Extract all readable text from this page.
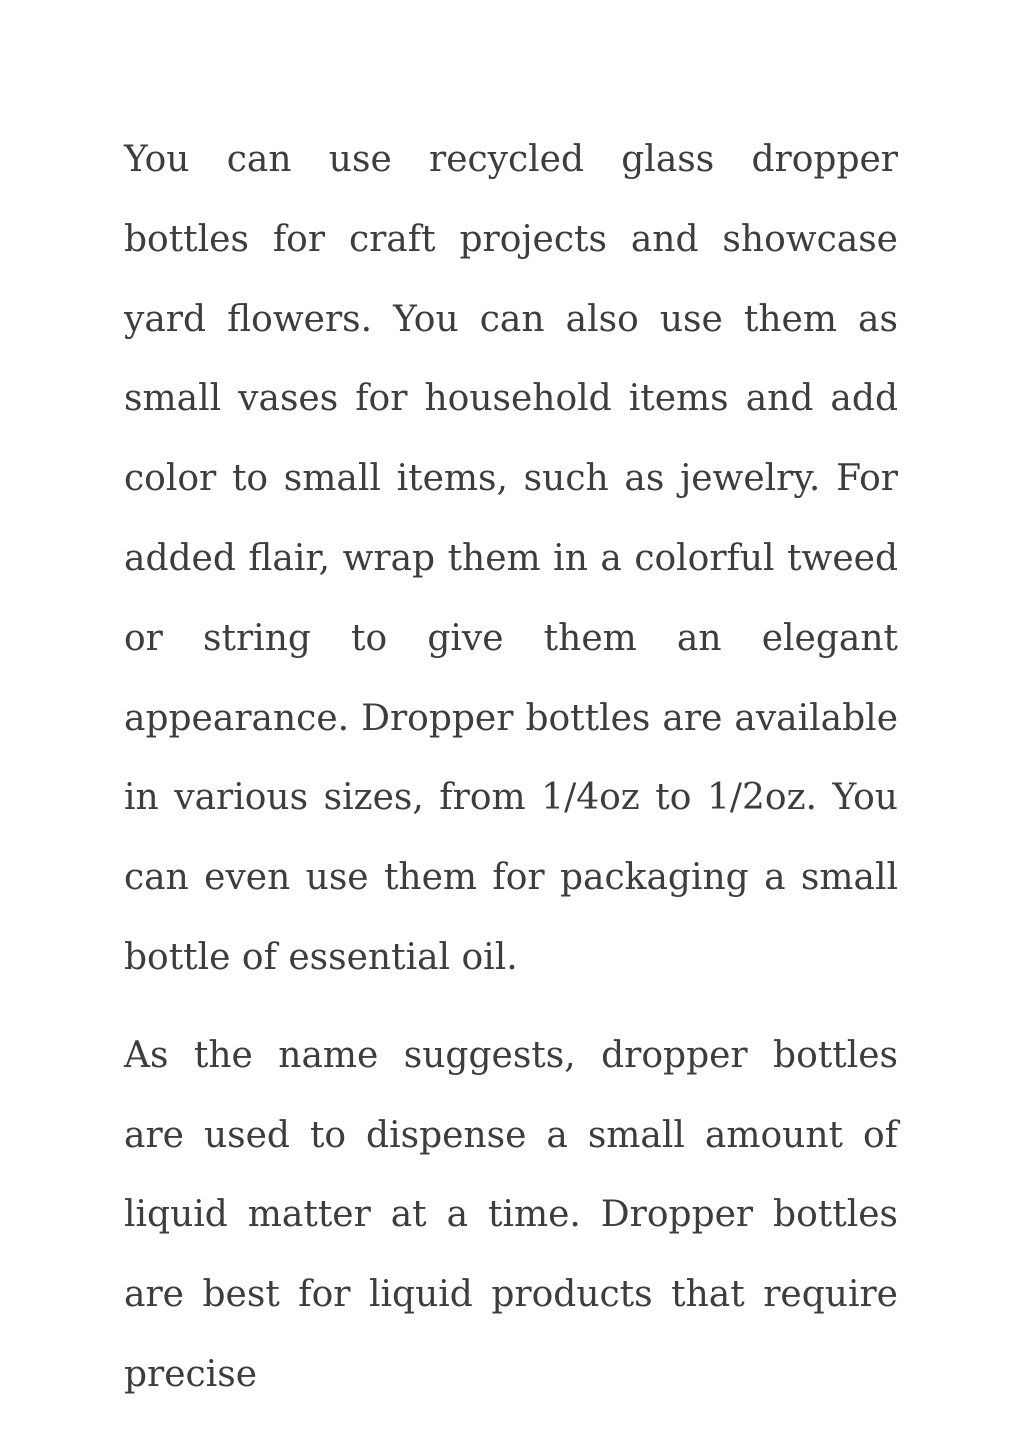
You can use recycled glass dropper bottles for craft projects and showcase yard flowers. You can also use them as small vases for household items and add color to small items, such as jewelry. For added flair, wrap them in a colorful tweed or string to give them an elegant appearance. Dropper bottles are available in various sizes, from 1/4oz to 1/2oz. You can even use them for packaging a small bottle of essential oil.

As the name suggests, dropper bottles are used to dispense a small amount of liquid matter at a time. Dropper bottles are best for liquid products that require precise
